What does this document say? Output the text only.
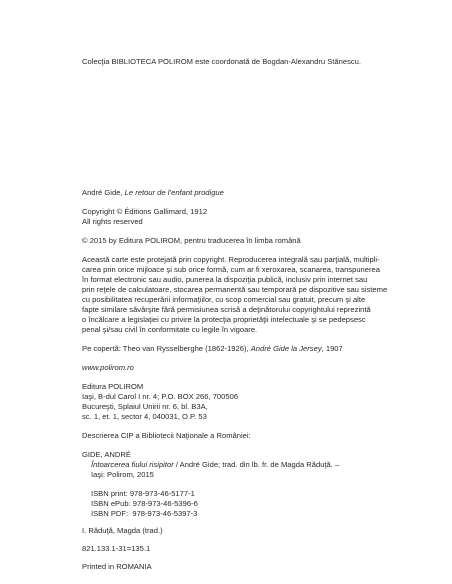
Colecţia BIBLIOTECA POLIROM este coordonată de Bogdan-Alexandru Stănescu.
André Gide, Le retour de l’enfant prodigue
Copyright © Éditions Gallimard, 1912
All rights reserved
© 2015 by Editura POLIROM, pentru traducerea în limba română
Această carte este protejată prin copyright. Reproducerea integrală sau parţială, multipli-
carea prin orice mijloace şi sub orice formă, cum ar fi xeroxarea, scanarea, transpunerea
în format electronic sau audio, punerea la dispoziţia publică, inclusiv prin internet sau
prin reţele de calculatoare, stocarea permanentă sau temporară pe dispozitive sau sisteme
cu posibilitatea recuperării informaţiilor, cu scop comercial sau gratuit, precum şi alte
fapte similare săvârşite fără permisiunea scrisă a deţinătorului copyrightului reprezintă
o încălcare a legislaţiei cu privire la protecţia proprietăţii intelectuale şi se pedepsesc
penal şi/sau civil în conformitate cu legile în vigoare.
Pe copertă: Theo van Rysselberghe (1862-1926), André Gide la Jersey, 1907
www.polirom.ro
Editura POLIROM
Iaşi, B-dul Carol I nr. 4; P.O. BOX 266, 700506
Bucureşti, Splaiul Unirii nr. 6, bl. B3A,
sc. 1, et. 1, sector 4, 040031, O.P. 53
Descrierea CIP a Bibliotecii Naţionale a României:
GIDE, ANDRÉ
Întoarcerea fiului risipitor / André Gide; trad. din lb. fr. de Magda Răduţă. –
Iaşi: Polirom, 2015
ISBN print: 978-973-46-5177-1
ISBN ePub: 978-973-46-5396-6
ISBN PDF:  978-973-46-5397-3
I. Răduţă, Magda (trad.)
821.133.1-31=135.1
Printed in ROMANIA
